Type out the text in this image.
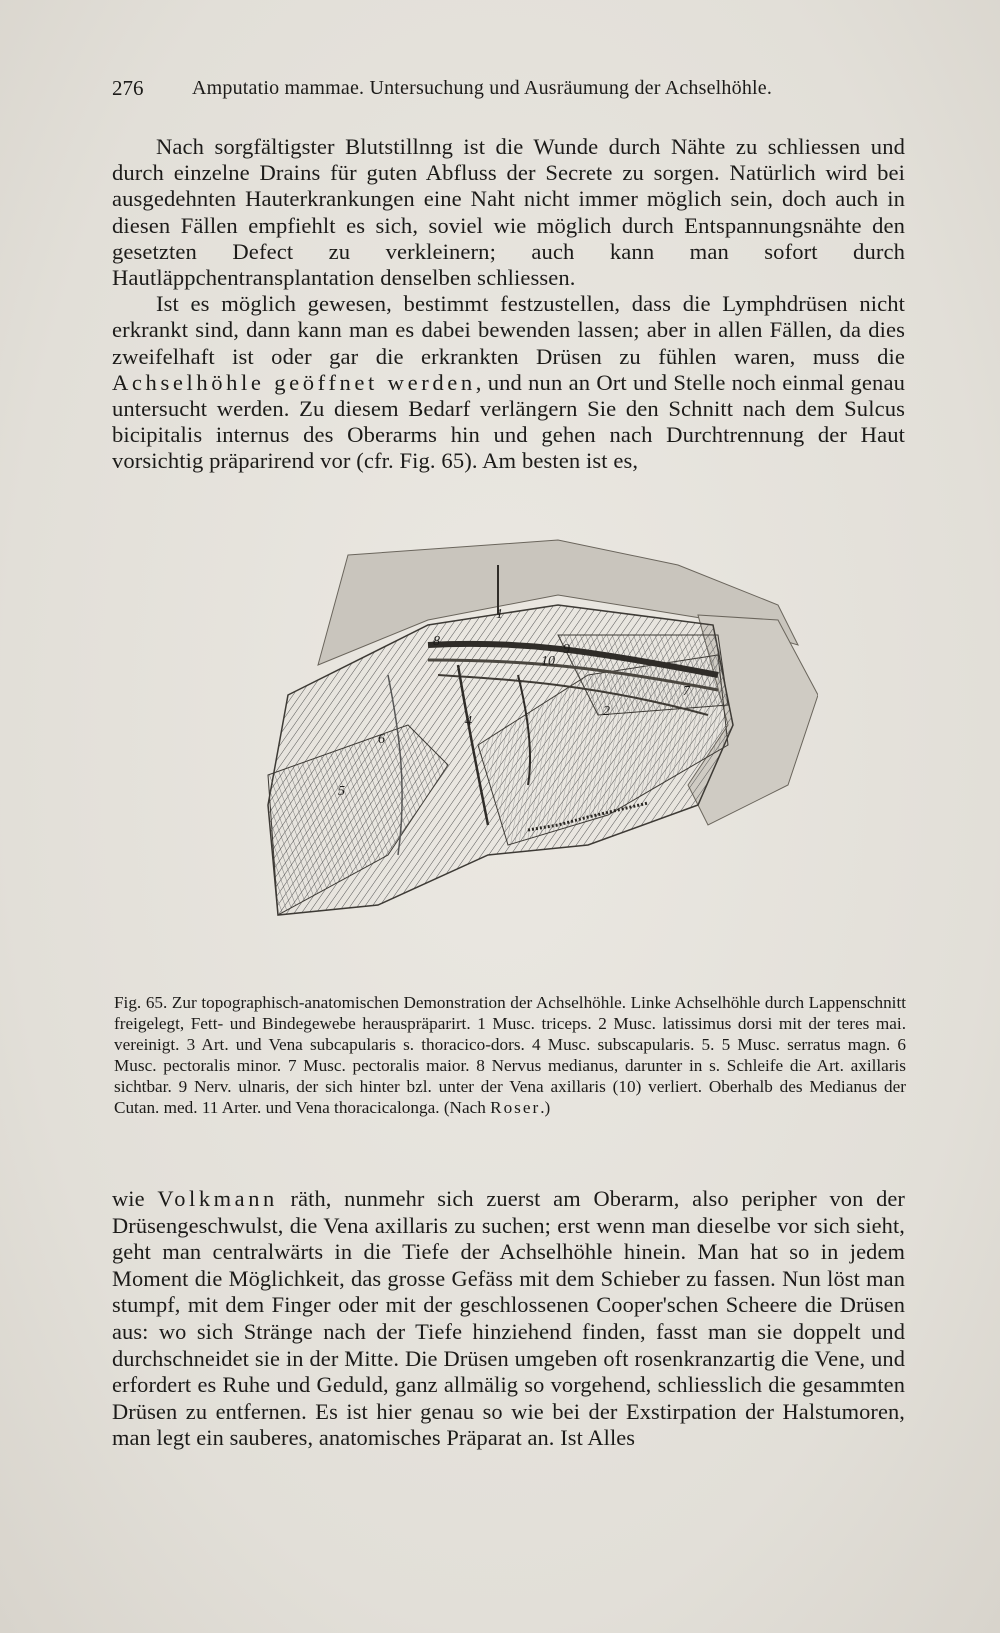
276 Amputatio mammae. Untersuchung und Ausräumung der Achselhöhle.

Nach sorgfältigster Blutstillnng ist die Wunde durch Nähte zu schliessen und durch einzelne Drains für guten Abfluss der Secrete zu sorgen. Natürlich wird bei ausgedehnten Hauterkrankungen eine Naht nicht immer möglich sein, doch auch in diesen Fällen empfiehlt es sich, soviel wie möglich durch Entspannungsnähte den gesetzten Defect zu verkleinern; auch kann man sofort durch Hautläppchentransplantation denselben schliessen.

Ist es möglich gewesen, bestimmt festzustellen, dass die Lymphdrüsen nicht erkrankt sind, dann kann man es dabei bewenden lassen; aber in allen Fällen, da dies zweifelhaft ist oder gar die erkrankten Drüsen zu fühlen waren, muss die Achselhöhle geöffnet werden, und nun an Ort und Stelle noch einmal genau untersucht werden. Zu diesem Bedarf verlängern Sie den Schnitt nach dem Sulcus bicipitalis internus des Oberarms hin und gehen nach Durchtrennung der Haut vorsichtig präparirend vor (cfr. Fig. 65). Am besten ist es,

1
2
4
5
6
7
8
9
10
Fig. 65. Zur topographisch-anatomischen Demonstration der Achselhöhle. Linke Achselhöhle durch Lappenschnitt freigelegt, Fett- und Bindegewebe herauspräparirt. 1 Musc. triceps. 2 Musc. latissimus dorsi mit der teres mai. vereinigt. 3 Art. und Vena subcapularis s. thoracico-dors. 4 Musc. subscapularis. 5. 5 Musc. serratus magn. 6 Musc. pectoralis minor. 7 Musc. pectoralis maior. 8 Nervus medianus, darunter in s. Schleife die Art. axillaris sichtbar. 9 Nerv. ulnaris, der sich hinter bzl. unter der Vena axillaris (10) verliert. Oberhalb des Medianus der Cutan. med. 11 Arter. und Vena thoracicalonga. (Nach Roser.)

wie Volkmann räth, nunmehr sich zuerst am Oberarm, also peripher von der Drüsengeschwulst, die Vena axillaris zu suchen; erst wenn man dieselbe vor sich sieht, geht man centralwärts in die Tiefe der Achselhöhle hinein. Man hat so in jedem Moment die Möglichkeit, das grosse Gefäss mit dem Schieber zu fassen. Nun löst man stumpf, mit dem Finger oder mit der geschlossenen Cooper'schen Scheere die Drüsen aus: wo sich Stränge nach der Tiefe hinziehend finden, fasst man sie doppelt und durchschneidet sie in der Mitte. Die Drüsen umgeben oft rosenkranzartig die Vene, und erfordert es Ruhe und Geduld, ganz allmälig so vorgehend, schliesslich die gesammten Drüsen zu entfernen. Es ist hier genau so wie bei der Exstirpation der Halstumoren, man legt ein sauberes, anatomisches Präparat an. Ist Alles
